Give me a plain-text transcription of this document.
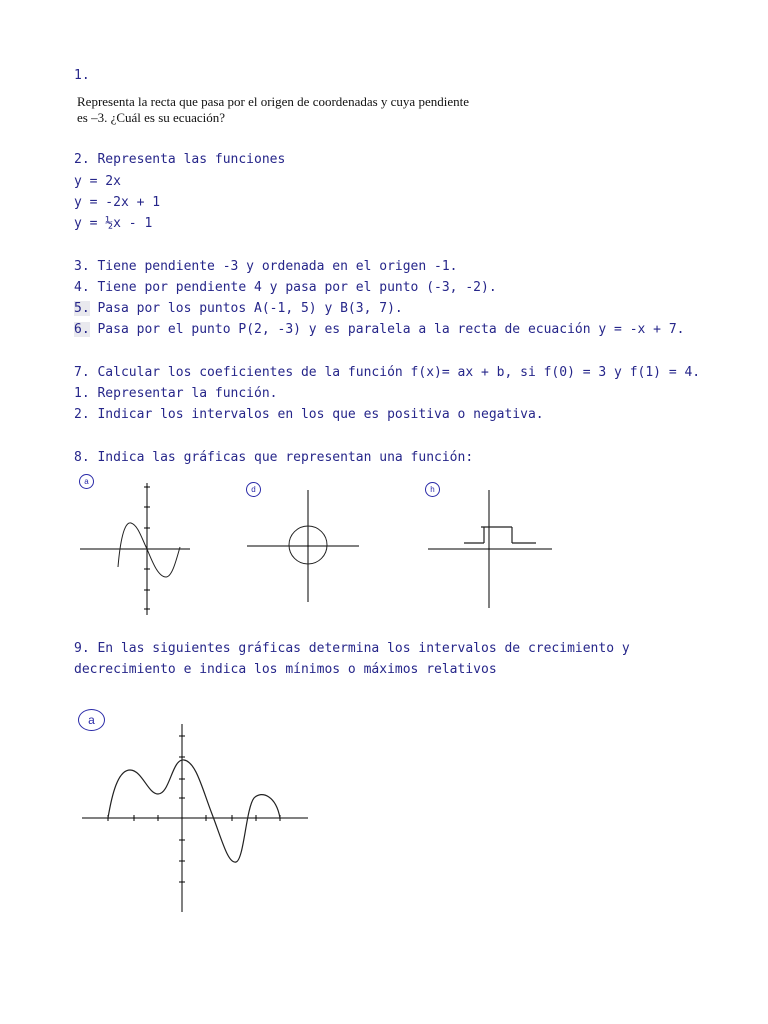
1.
Representa la recta que pasa por el origen de coordenadas y cuya pendiente
es –3. ¿Cuál es su ecuación?
2. Representa las funciones
y = 2x
y = -2x + 1
y = ½x - 1
3. Tiene pendiente -3 y ordenada en el origen -1.
4. Tiene por pendiente 4 y pasa por el punto (-3, -2).
5. Pasa por los puntos A(-1, 5) y B(3, 7).
6. Pasa por el punto P(2, -3) y es paralela a la recta de ecuación y = -x + 7.
7. Calcular los coeficientes de la función f(x)= ax + b, si f(0) = 3 y f(1) = 4.
1. Representar la función.
2. Indicar los intervalos en los que es positiva o negativa.
8. Indica las gráficas que representan una función:
a
d	h
9. En las siguientes gráficas determina los intervalos de crecimiento y
decrecimiento e indica los mínimos o máximos relativos
a
